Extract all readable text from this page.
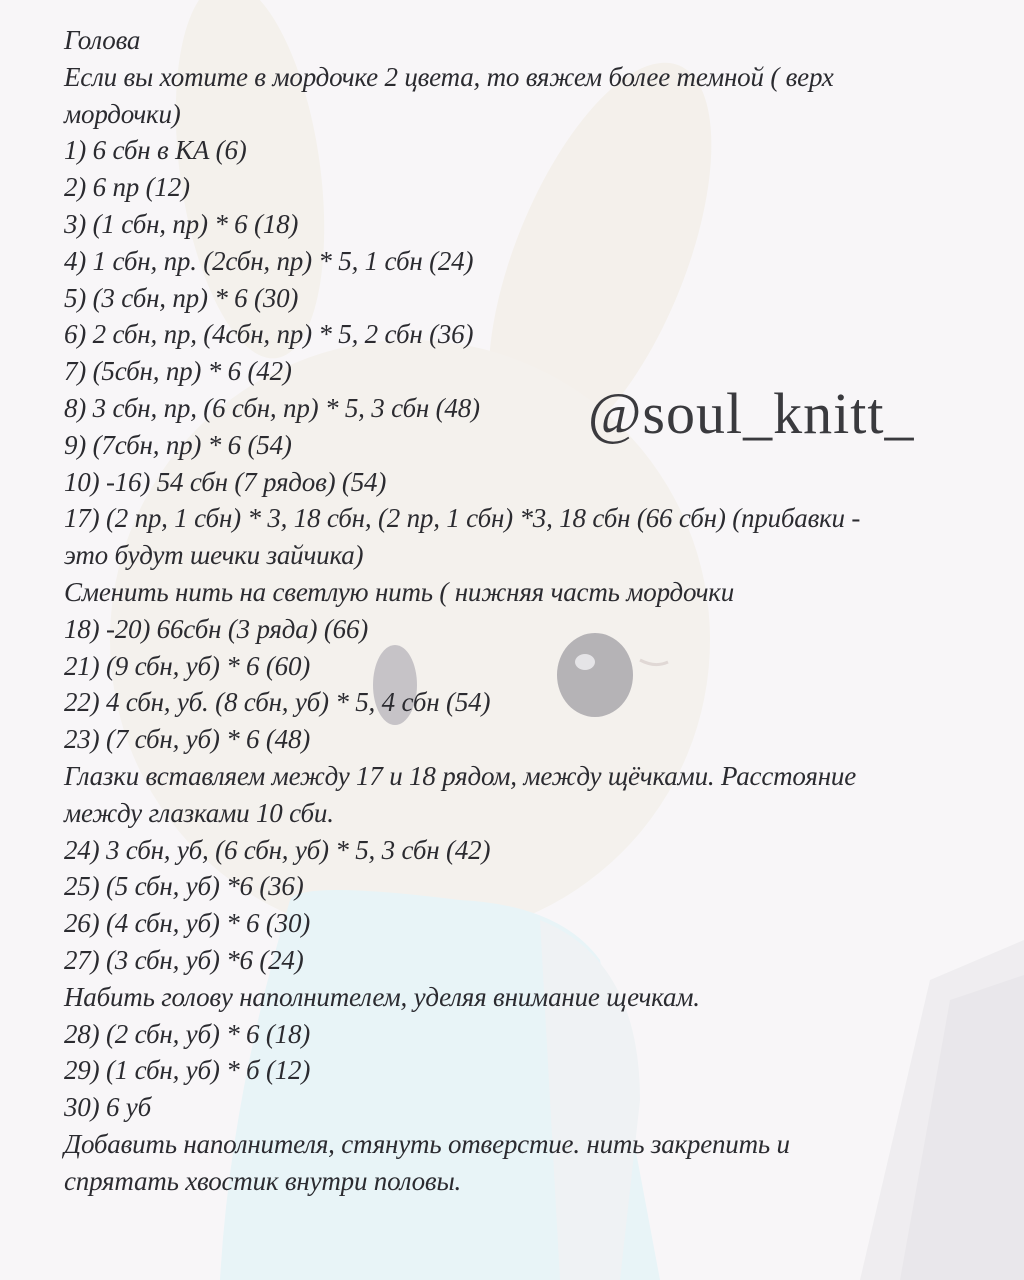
Голова
Если вы хотите в мордочке 2 цвета, то вяжем более темной ( верх
мордочки)
1) 6 сбн в КА (6)
2) 6 пр (12)
3) (1 сбн, пр) * 6 (18)
4) 1 сбн, пр. (2сбн, пр) * 5, 1 сбн (24)
5) (3 сбн, пр) * 6 (30)
6) 2 сбн, пр, (4сбн, пр) * 5, 2 сбн (36)
7) (5сбн, пр) * 6 (42)
8) 3 сбн, пр, (6 сбн, пр) * 5, 3 сбн (48)
9) (7сбн, пр) * 6 (54)
10) -16) 54 сбн (7 рядов) (54)
17) (2 пр, 1 сбн) * 3, 18 сбн, (2 пр, 1 сбн) *3, 18 сбн (66 сбн) (прибавки -
это будут шечки зайчика)
Сменить нить на светлую нить ( нижняя часть мордочки
18) -20) 66сбн (3 ряда) (66)
21) (9 сбн, уб) * 6 (60)
22) 4 сбн, уб. (8 сбн, уб) * 5, 4 сбн (54)
23) (7 сбн, уб) * 6 (48)
Глазки вставляем между 17 и 18 рядом, между щёчками. Расстояние
между глазками 10 сби.
24) 3 сбн, уб, (6 сбн, уб) * 5, 3 сбн (42)
25) (5 сбн, уб) *6 (36)
26) (4 сбн, уб) * 6 (30)
27) (3 сбн, уб) *6 (24)
Набить голову наполнителем, уделяя внимание щечкам.
28) (2 сбн, уб) * 6 (18)
29) (1 сбн, уб) * б (12)
30) 6 уб
Добавить наполнителя, стянуть отверстие. нить закрепить и
спрятать хвостик внутри половы.
@soul_knitt_
